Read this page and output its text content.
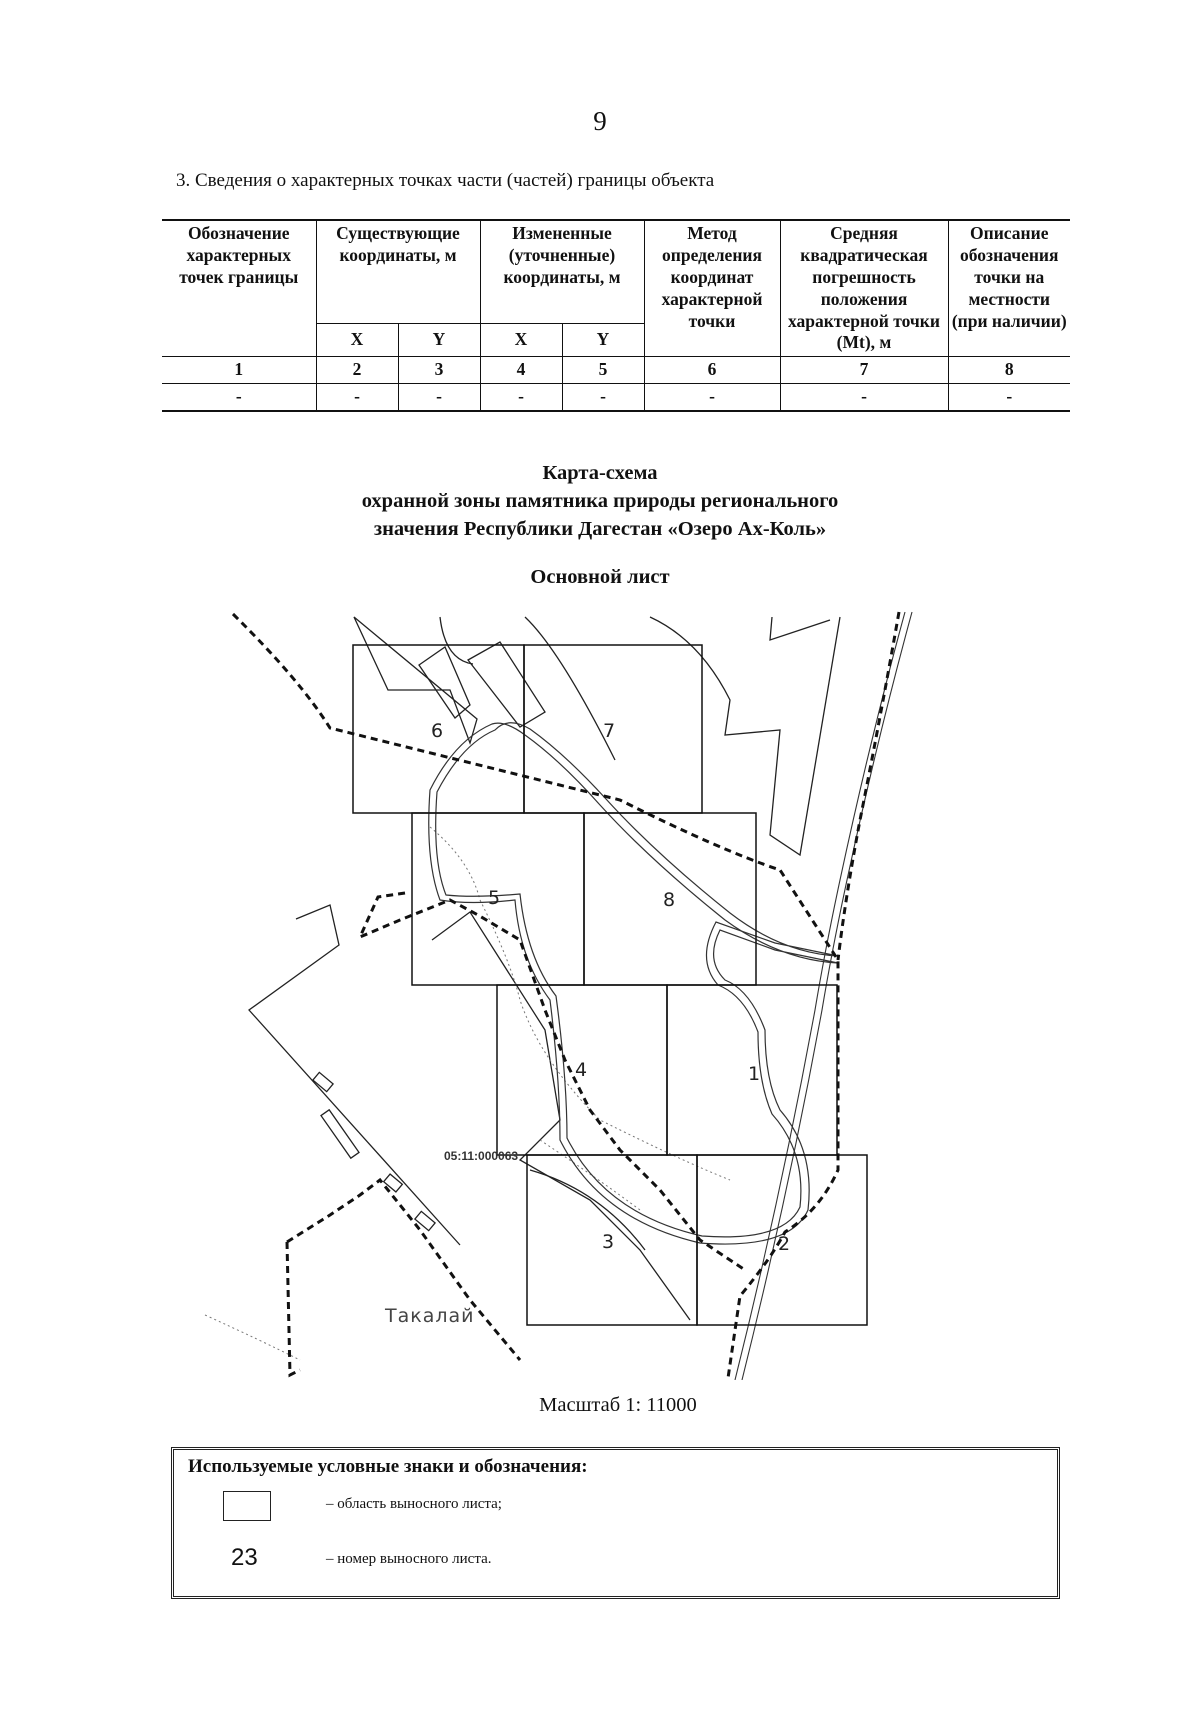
9
3. Сведения о характерных точках части (частей) границы объекта
Обозначение характерных точек границы	Существующие координаты, м		Измененные (уточненные) координаты, м		Метод определения координат характерной точки	Средняя квадратическая погрешность положения характерной точки (Mt), м	Описание обозначения точки на местности (при наличии)
	X	Y	X	Y			
1	2	3	4	5	6	7	8
-	-	-	-	-	-	-	-
Карта-схема
охранной зоны памятника природы регионального
значения Республики Дагестан «Озеро Ах-Коль»
Основной лист
1
2
3
4
5
6	7
8
05:11:000063
Такалай
Масштаб 1: 11000
Используемые условные знаки и обозначения:
– область выносного листа;
23	– номер выносного листа.
